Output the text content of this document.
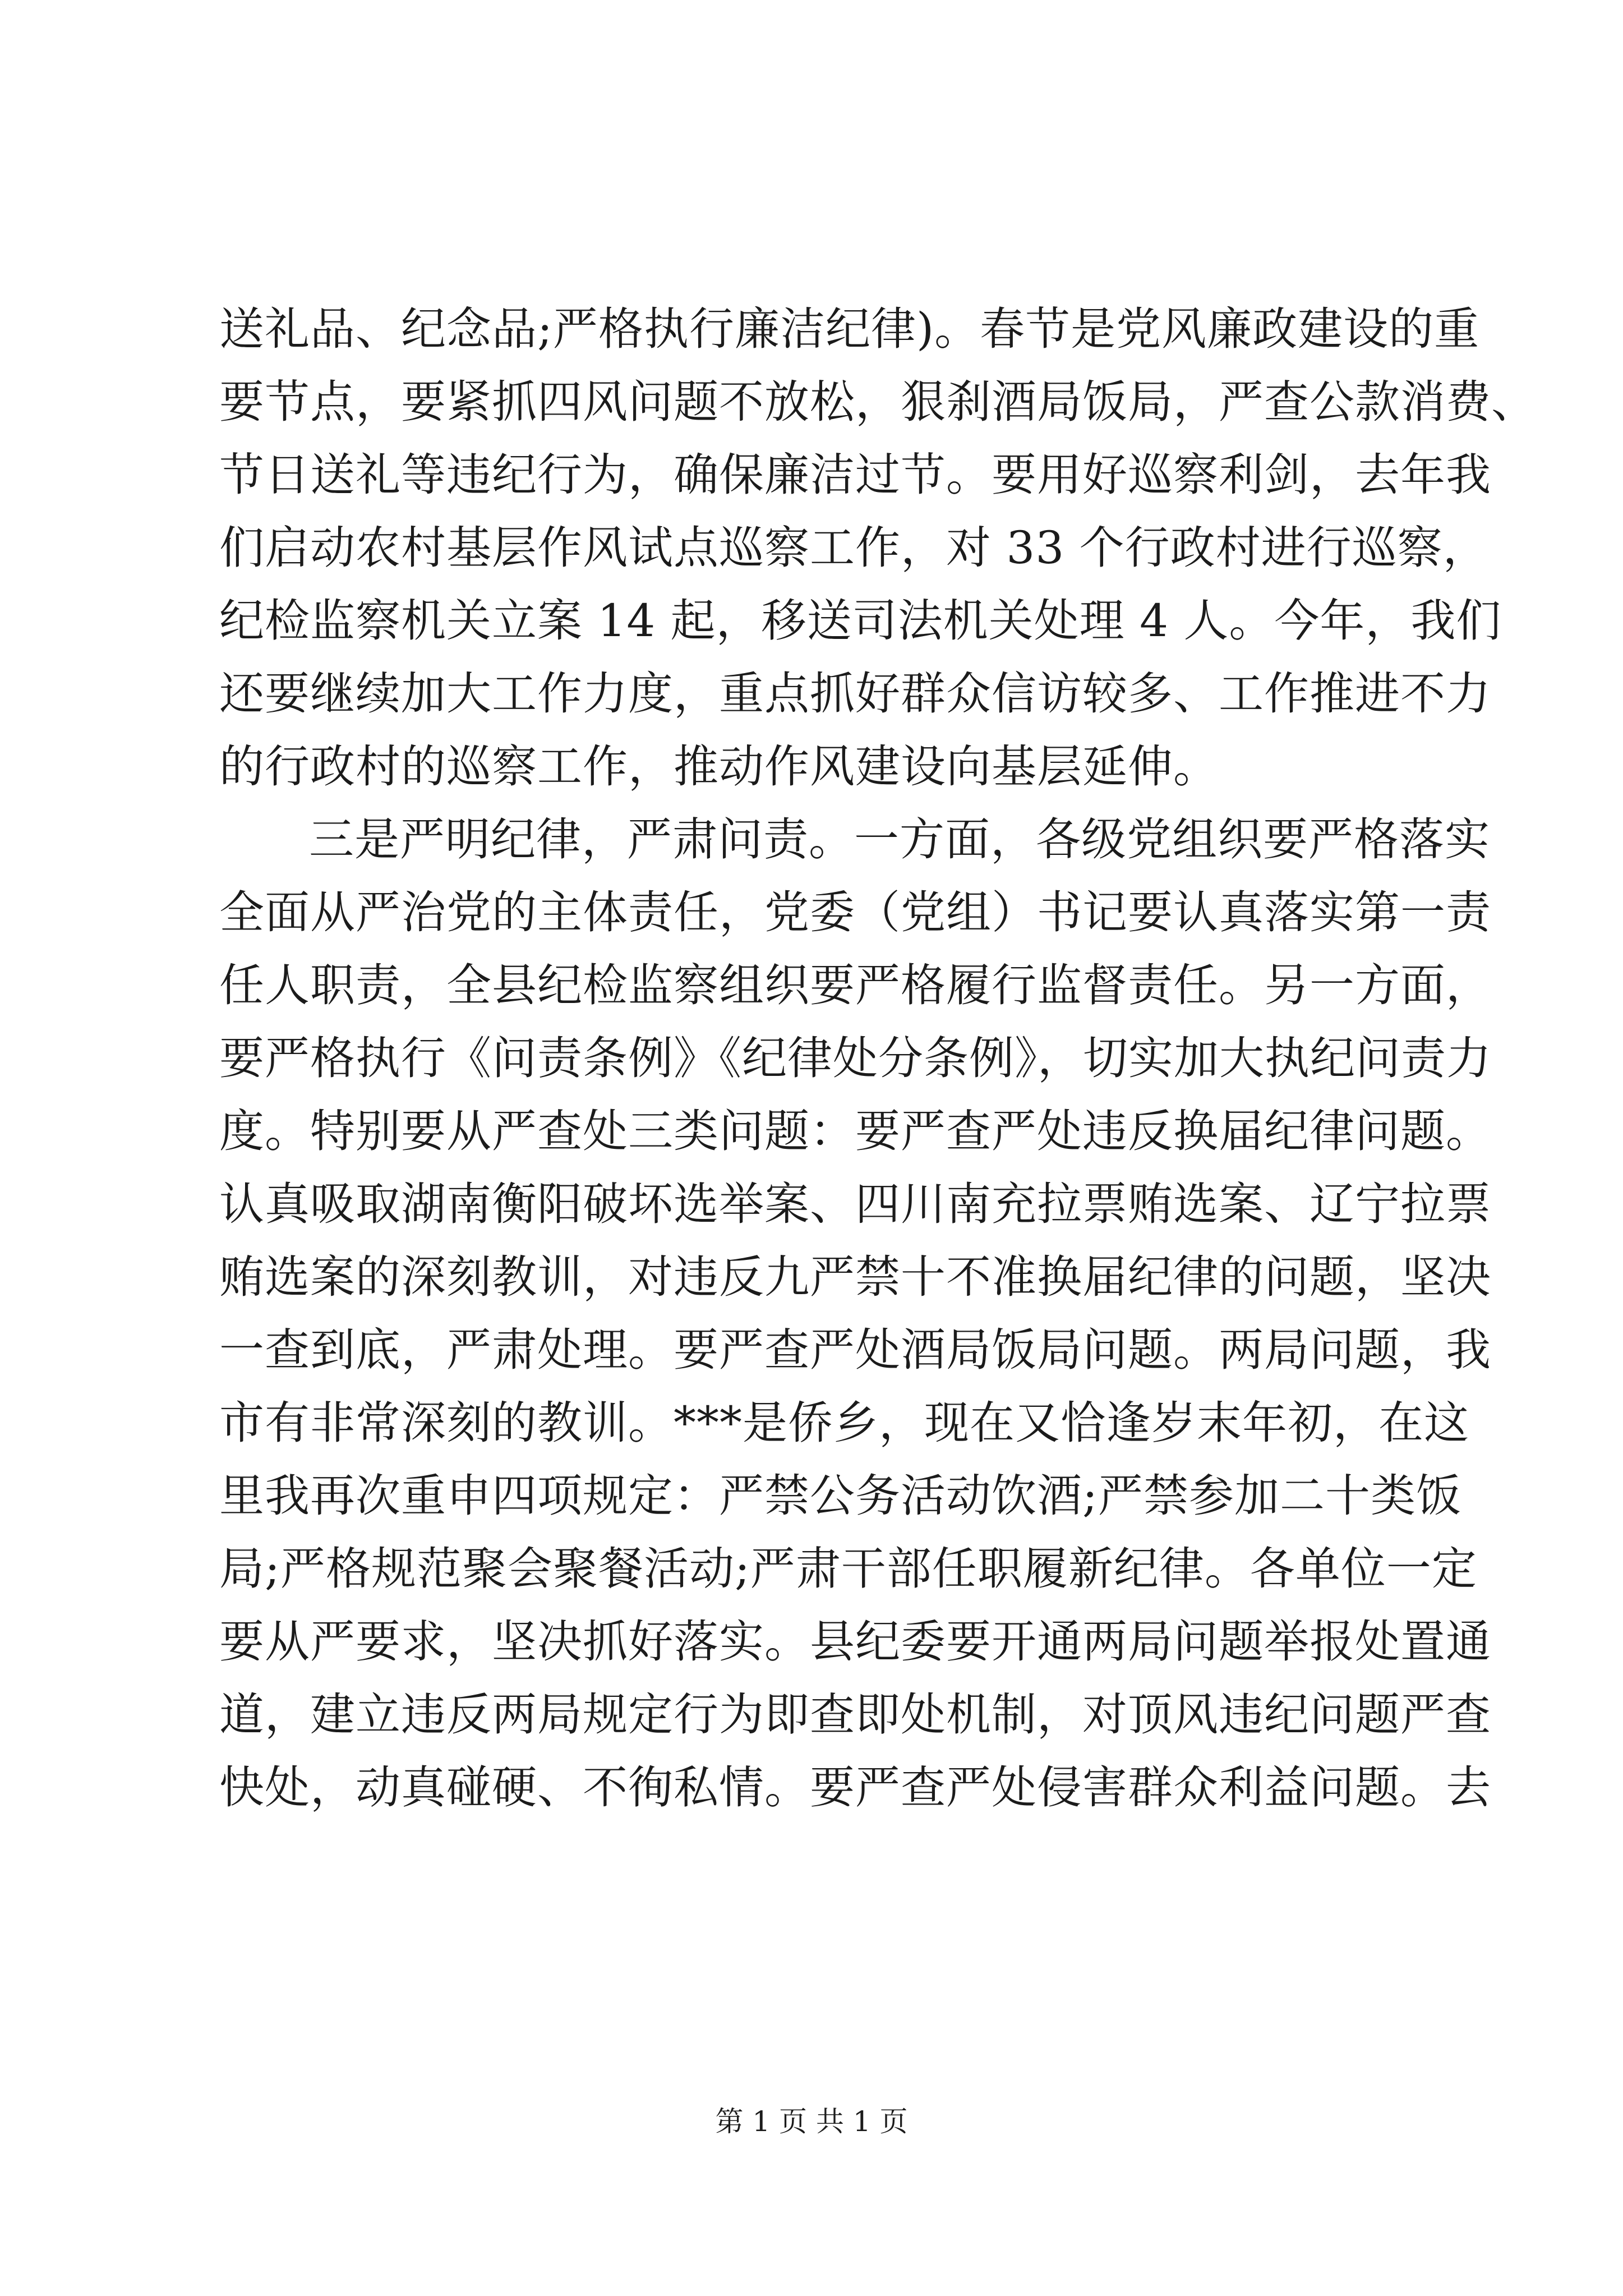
送礼品、纪念品;严格执行廉洁纪律)。春节是党风廉政建设的重

要节点，要紧抓四风问题不放松，狠刹酒局饭局，严查公款消费、

节日送礼等违纪行为，确保廉洁过节。要用好巡察利剑，去年我

们启动农村基层作风试点巡察工作，对 33 个行政村进行巡察，

纪检监察机关立案 14 起，移送司法机关处理 4 人。今年，我们

还要继续加大工作力度，重点抓好群众信访较多、工作推进不力

的行政村的巡察工作，推动作风建设向基层延伸。

三是严明纪律，严肃问责。一方面，各级党组织要严格落实

全面从严治党的主体责任，党委（党组）书记要认真落实第一责

任人职责，全县纪检监察组织要严格履行监督责任。另一方面，

要严格执行《问责条例》《纪律处分条例》，切实加大执纪问责力

度。特别要从严查处三类问题：要严查严处违反换届纪律问题。

认真吸取湖南衡阳破坏选举案、四川南充拉票贿选案、辽宁拉票

贿选案的深刻教训，对违反九严禁十不准换届纪律的问题，坚决

一查到底，严肃处理。要严查严处酒局饭局问题。两局问题，我

市有非常深刻的教训。***是侨乡，现在又恰逢岁末年初，在这

里我再次重申四项规定：严禁公务活动饮酒;严禁参加二十类饭

局;严格规范聚会聚餐活动;严肃干部任职履新纪律。各单位一定

要从严要求，坚决抓好落实。县纪委要开通两局问题举报处置通

道，建立违反两局规定行为即查即处机制，对顶风违纪问题严查

快处，动真碰硬、不徇私情。要严查严处侵害群众利益问题。去

第 1 页 共 1 页
